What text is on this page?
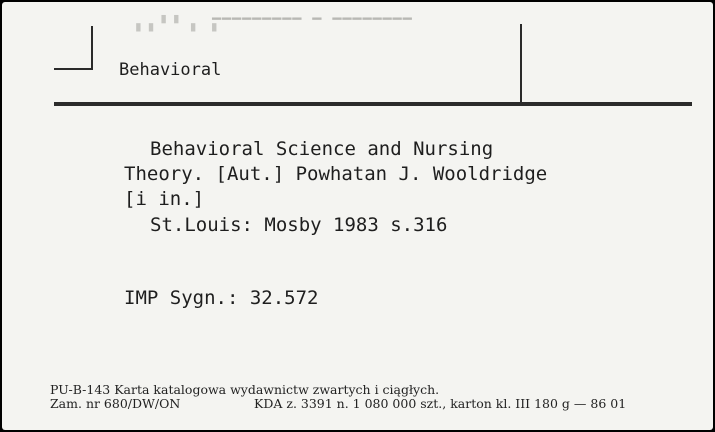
▁▁▁▁▁▁▁▁▁ ▁ ▁▁▁▁▁▁▁▁
▗ ▖▝ ▘ ▖ ▗
Behavioral
Behavioral Science and Nursing
Theory. [Aut.] Powhatan J. Wooldridge
[i in.]
St.Louis: Mosby 1983 s.316
IMP Sygn.: 32.572
PU-B-143 Karta katalogowa wydawnictw zwartych i ciągłych.
Zam. nr 680/DW/ON	KDA z. 3391 n. 1 080 000 szt., karton kl. III 180 g — 86 01
